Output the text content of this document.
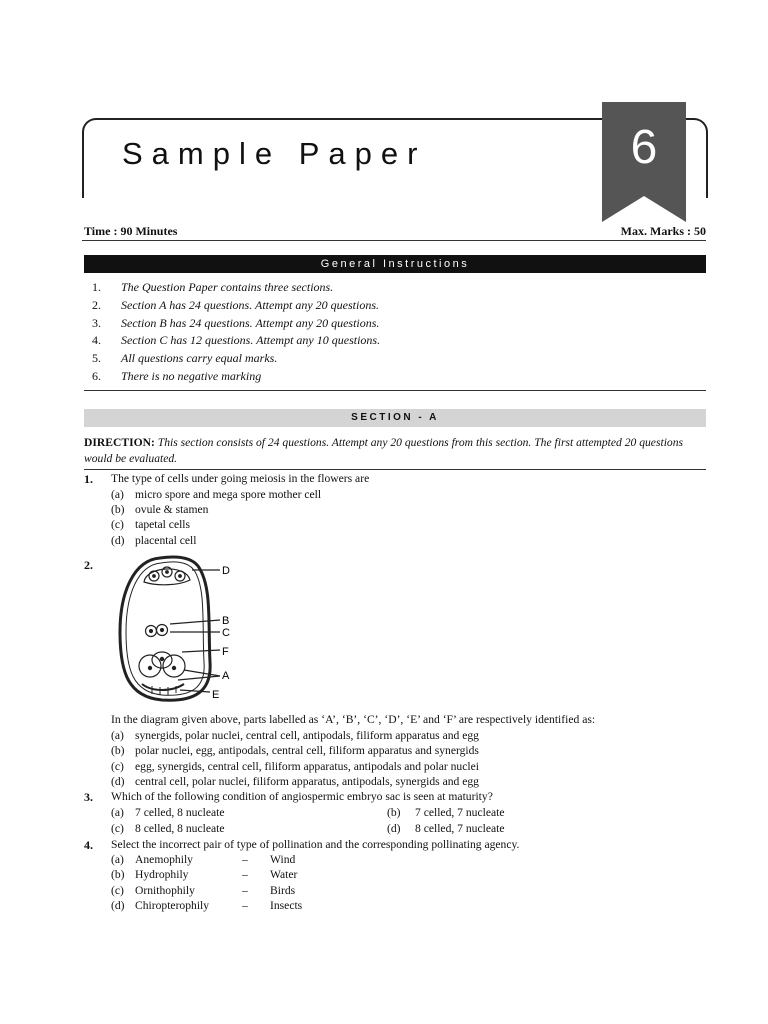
Sample Paper	6
Time : 90 Minutes	Max. Marks : 50
General Instructions
1. The Question Paper contains three sections.
2. Section A has 24 questions. Attempt any 20 questions.
3. Section B has 24 questions. Attempt any 20 questions.
4. Section C has 12 questions. Attempt any 10 questions.
5. All questions carry equal marks.
6. There is no negative marking
SECTION - A
DIRECTION: This section consists of 24 questions. Attempt any 20 questions from this section. The first attempted 20 questions would be evaluated.
1. The type of cells under going meiosis in the flowers are
(a) micro spore and mega spore mother cell
(b) ovule & stamen
(c) tapetal cells
(d) placental cell
2.	D
B
C
F
A
E
In the diagram given above, parts labelled as ‘A’, ‘B’, ‘C’, ‘D’, ‘E’ and ‘F’ are respectively identified as:
(a) synergids, polar nuclei, central cell, antipodals, filiform apparatus and egg
(b) polar nuclei, egg, antipodals, central cell, filiform apparatus and synergids
(c) egg, synergids, central cell, filiform apparatus, antipodals and polar nuclei
(d) central cell, polar nuclei, filiform apparatus, antipodals, synergids and egg
3. Which of the following condition of angiospermic embryo sac is seen at maturity?
(a) 7 celled, 8 nucleate	(b) 7 celled, 7 nucleate
(c) 8 celled, 8 nucleate	(d) 8 celled, 7 nucleate
4. Select the incorrect pair of type of pollination and the corresponding pollinating agency.
(a) Anemophily	– Wind
(b) Hydrophily	– Water
(c) Ornithophily	– Birds
(d) Chiropterophily	– Insects
